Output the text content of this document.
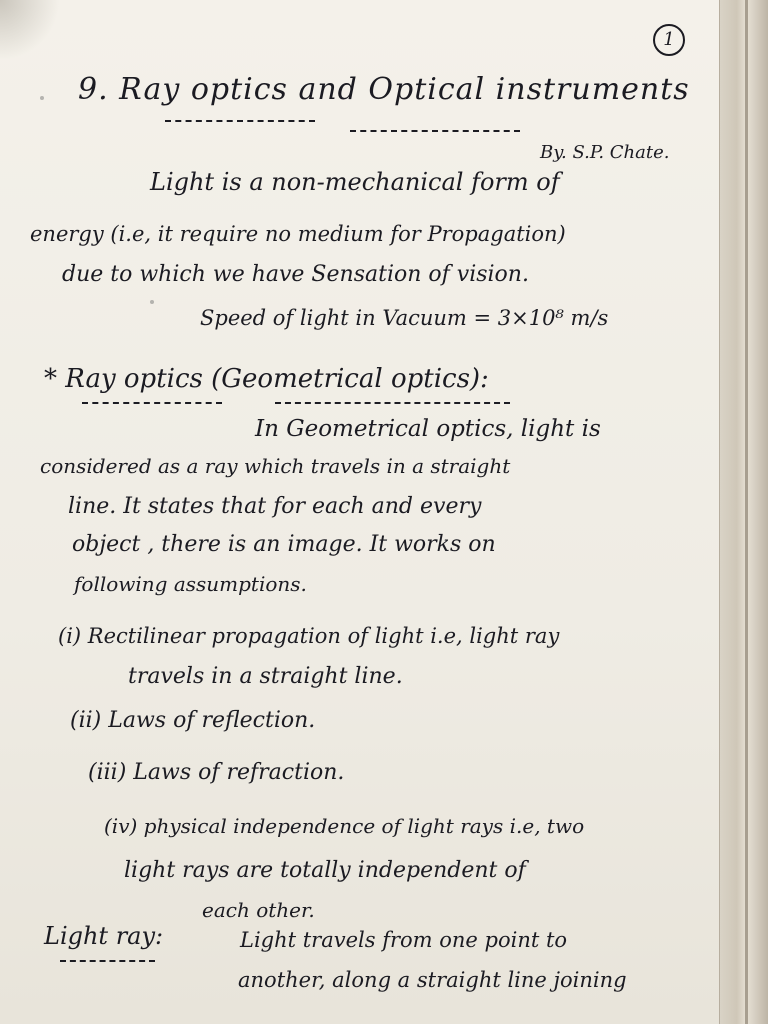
1
9. Ray optics and Optical instruments
By. S.P. Chate.
Light is a non-mechanical form of
energy (i.e, it require no medium for Propagation)
due to which we have Sensation of vision.
Speed of light in Vacuum = 3×10⁸ m/s
* Ray optics (Geometrical optics):
In Geometrical optics, light is
considered as a ray which travels in a straight
line. It states that for each and every
object , there is an image. It works on
following assumptions.
(i) Rectilinear propagation of light i.e, light ray
travels in a straight line.
(ii) Laws of reflection.
(iii) Laws of refraction.
(iv) physical independence of light rays i.e, two
light rays are totally independent of
each other.
Light ray:	Light travels from one point to
another, along a straight line joining
